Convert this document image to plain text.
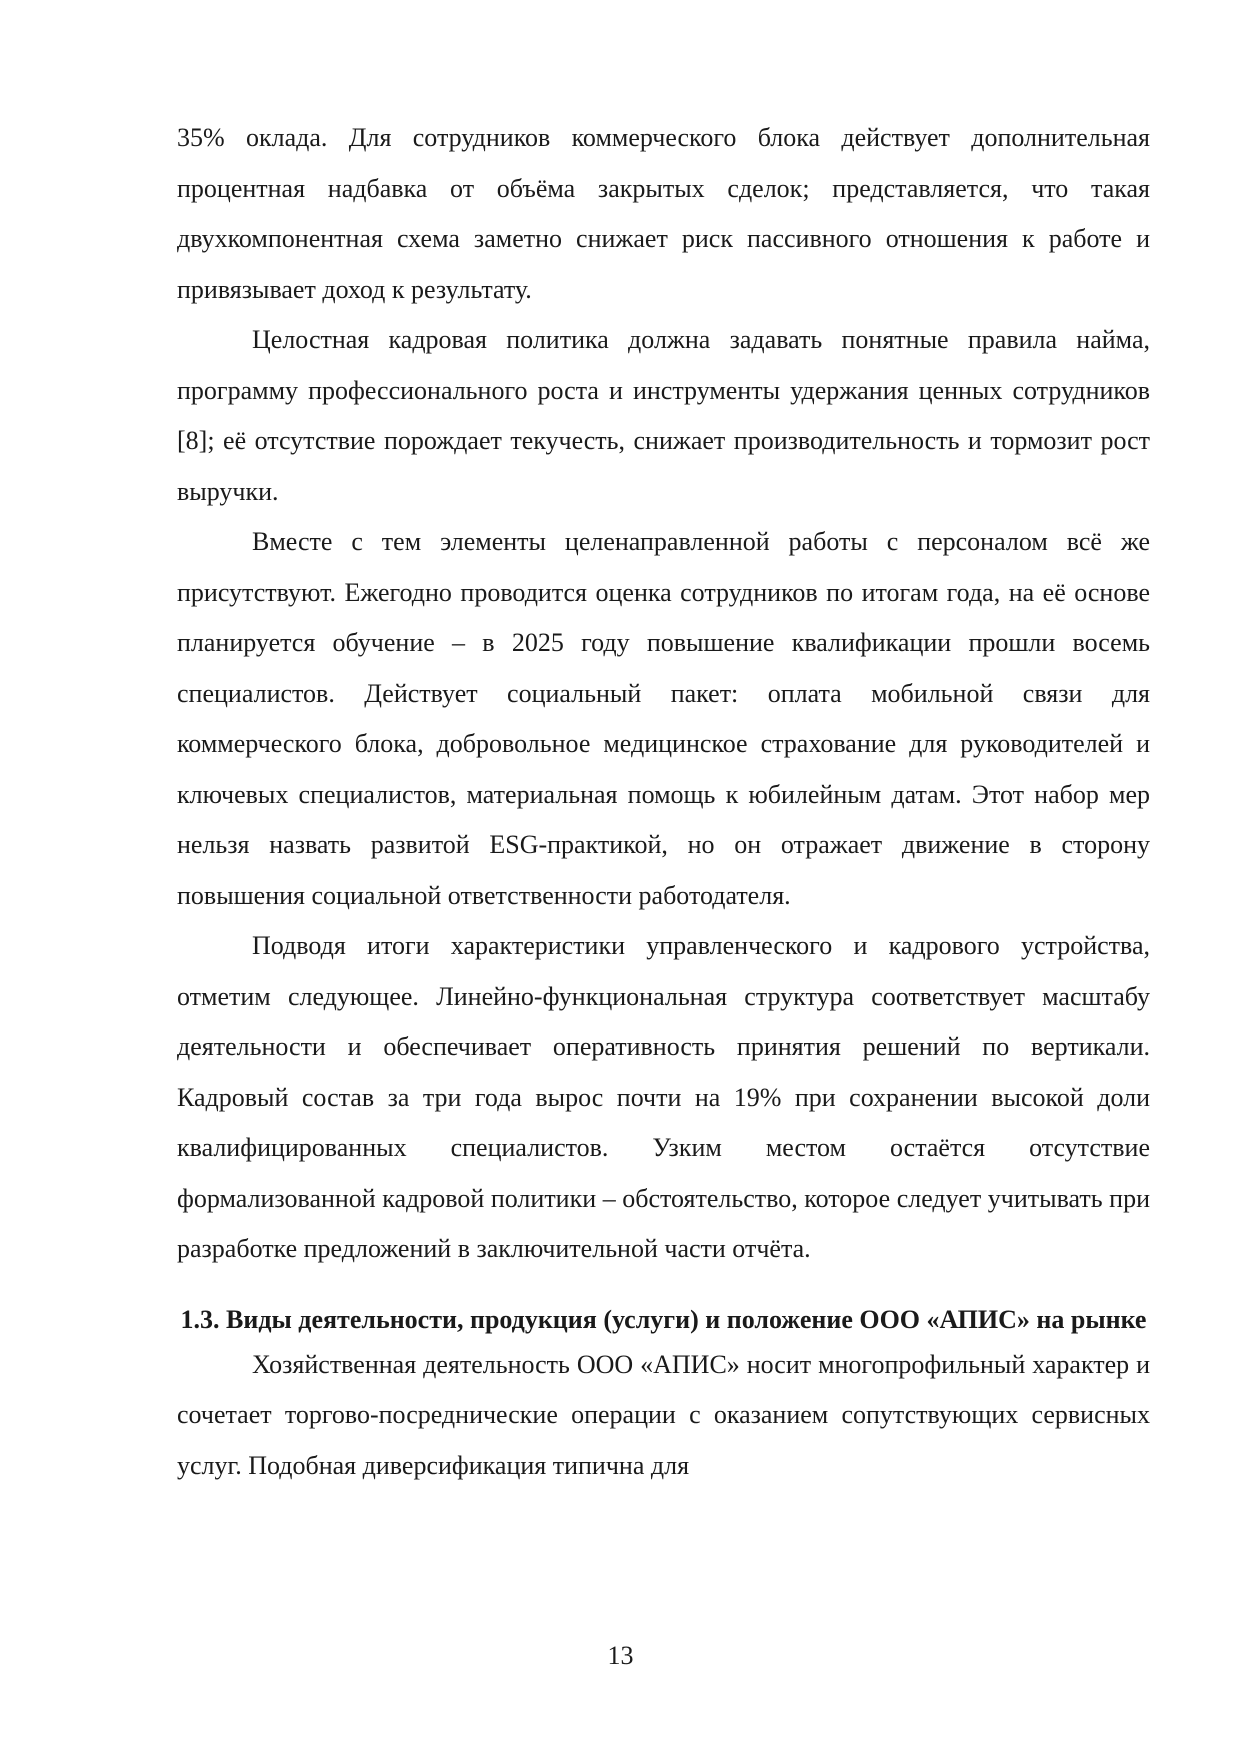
35% оклада. Для сотрудников коммерческого блока действует дополнительная процентная надбавка от объёма закрытых сделок; представляется, что такая двухкомпонентная схема заметно снижает риск пассивного отношения к работе и привязывает доход к результату.

Целостная кадровая политика должна задавать понятные правила найма, программу профессионального роста и инструменты удержания ценных сотрудников [8]; её отсутствие порождает текучесть, снижает производительность и тормозит рост выручки.

Вместе с тем элементы целенаправленной работы с персоналом всё же присутствуют. Ежегодно проводится оценка сотрудников по итогам года, на её основе планируется обучение – в 2025 году повышение квалификации прошли восемь специалистов. Действует социальный пакет: оплата мобильной связи для коммерческого блока, добровольное медицинское страхование для руководителей и ключевых специалистов, материальная помощь к юбилейным датам. Этот набор мер нельзя назвать развитой ESG-практикой, но он отражает движение в сторону повышения социальной ответственности работодателя.

Подводя итоги характеристики управленческого и кадрового устройства, отметим следующее. Линейно-функциональная структура соответствует масштабу деятельности и обеспечивает оперативность принятия решений по вертикали. Кадровый состав за три года вырос почти на 19% при сохранении высокой доли квалифицированных специалистов. Узким местом остаётся отсутствие формализованной кадровой политики – обстоятельство, которое следует учитывать при разработке предложений в заключительной части отчёта.

1.3. Виды деятельности, продукция (услуги) и положение ООО «АПИС» на рынке

Хозяйственная деятельность ООО «АПИС» носит многопрофильный характер и сочетает торгово-посреднические операции с оказанием сопутствующих сервисных услуг. Подобная диверсификация типична для

13
